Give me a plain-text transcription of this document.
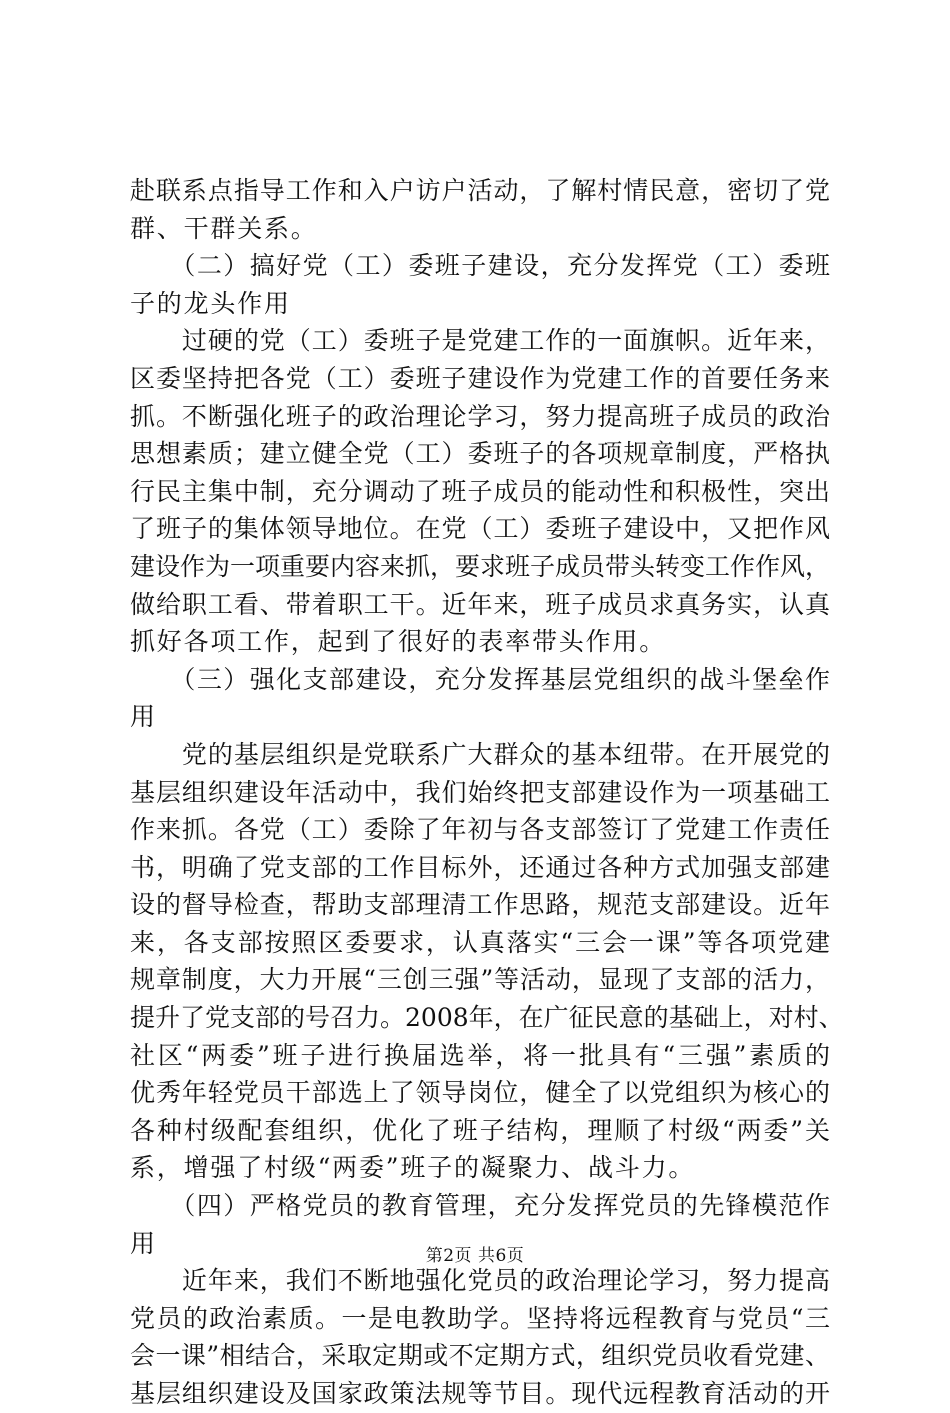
赴联系点指导工作和入户访户活动，了解村情民意，密切了党
群、干群关系。
　　（二）搞好党（工）委班子建设，充分发挥党（工）委班
子的龙头作用
　　过硬的党（工）委班子是党建工作的一面旗帜。近年来，
区委坚持把各党（工）委班子建设作为党建工作的首要任务来
抓。不断强化班子的政治理论学习，努力提高班子成员的政治
思想素质；建立健全党（工）委班子的各项规章制度，严格执
行民主集中制，充分调动了班子成员的能动性和积极性，突出
了班子的集体领导地位。在党（工）委班子建设中，又把作风
建设作为一项重要内容来抓，要求班子成员带头转变工作作风，
做给职工看、带着职工干。近年来，班子成员求真务实，认真
抓好各项工作，起到了很好的表率带头作用。
　　（三）强化支部建设，充分发挥基层党组织的战斗堡垒作
用
　　党的基层组织是党联系广大群众的基本纽带。在开展党的
基层组织建设年活动中，我们始终把支部建设作为一项基础工
作来抓。各党（工）委除了年初与各支部签订了党建工作责任
书，明确了党支部的工作目标外，还通过各种方式加强支部建
设的督导检查，帮助支部理清工作思路，规范支部建设。近年
来，各支部按照区委要求，认真落实“三会一课”等各项党建
规章制度，大力开展“三创三强”等活动，显现了支部的活力，
提升了党支部的号召力。2008年，在广征民意的基础上，对村、
社区“两委”班子进行换届选举，将一批具有“三强”素质的
优秀年轻党员干部选上了领导岗位，健全了以党组织为核心的
各种村级配套组织，优化了班子结构，理顺了村级“两委”关
系，增强了村级“两委”班子的凝聚力、战斗力。
　　（四）严格党员的教育管理，充分发挥党员的先锋模范作
用
　　近年来，我们不断地强化党员的政治理论学习，努力提高
党员的政治素质。一是电教助学。坚持将远程教育与党员“三
会一课”相结合，采取定期或不定期方式，组织党员收看党建、
基层组织建设及国家政策法规等节目。现代远程教育活动的开
第2页 共6页
